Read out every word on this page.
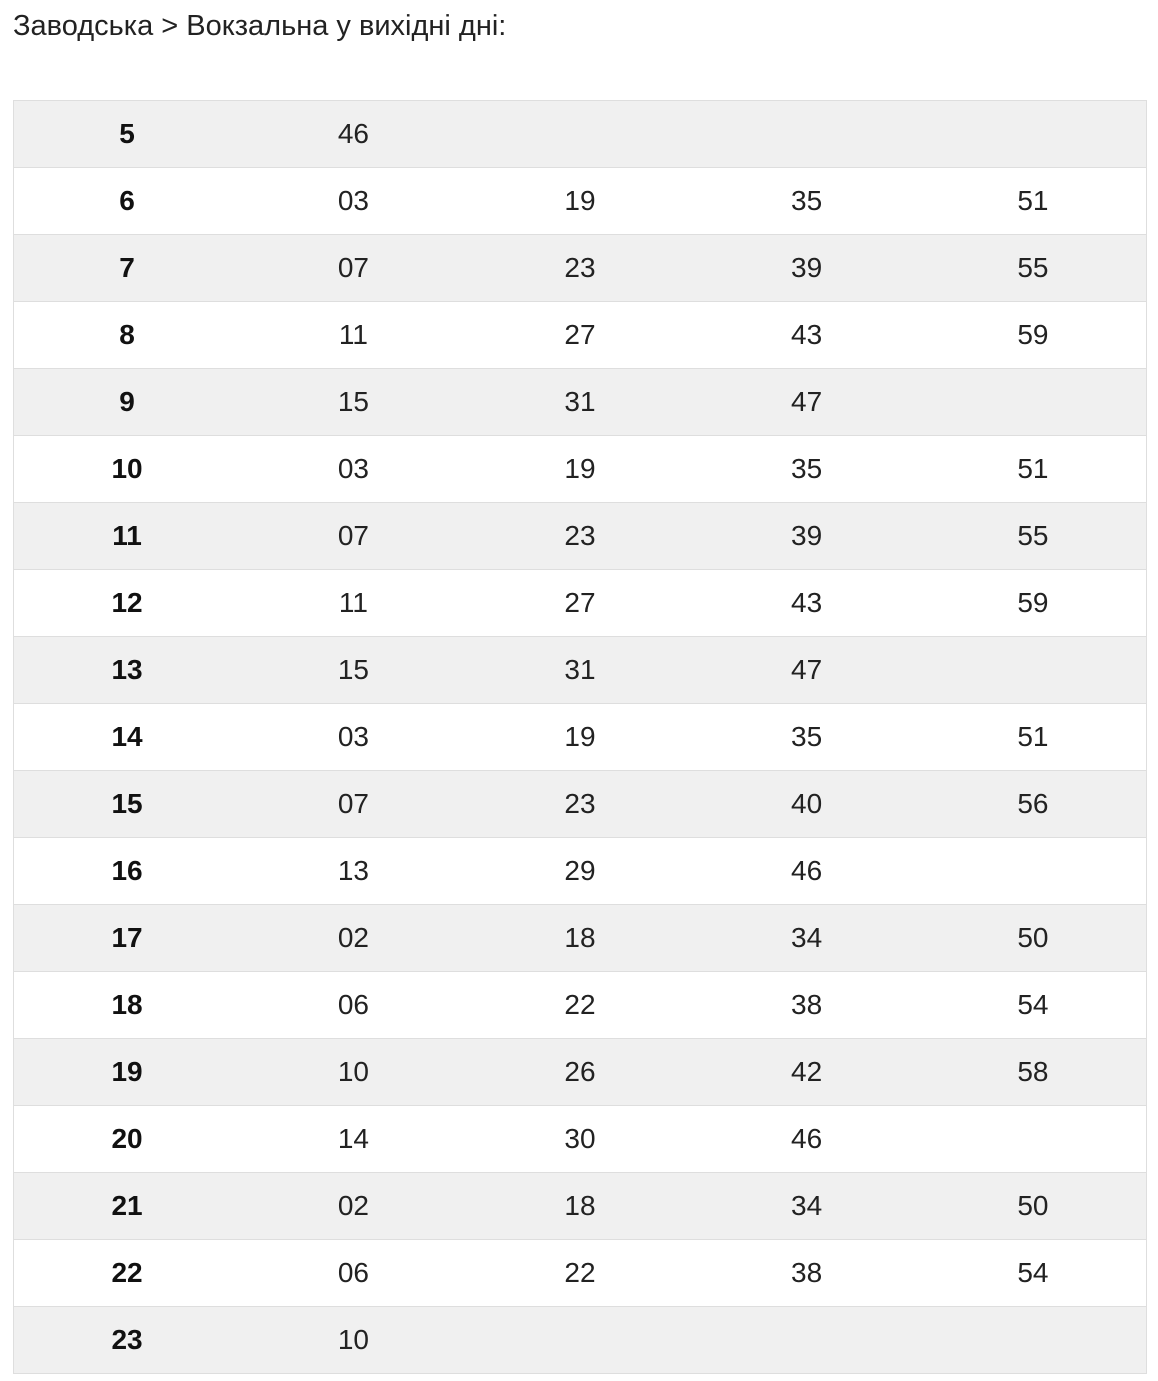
Заводська > Вокзальна у вихідні дні:
5	46			
6	03	19	35	51
7	07	23	39	55
8	11	27	43	59
9	15	31	47	
10	03	19	35	51
11	07	23	39	55
12	11	27	43	59
13	15	31	47	
14	03	19	35	51
15	07	23	40	56
16	13	29	46	
17	02	18	34	50
18	06	22	38	54
19	10	26	42	58
20	14	30	46	
21	02	18	34	50
22	06	22	38	54
23	10			
